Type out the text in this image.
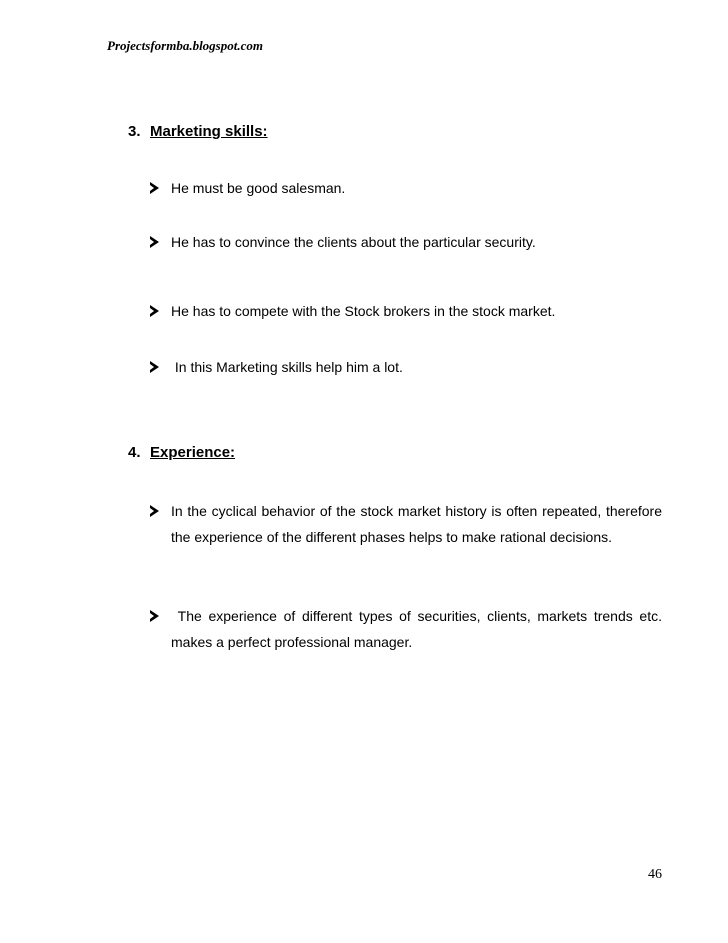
Projectsformba.blogspot.com
3. Marketing skills:
He must be good salesman.
He has to convince the clients about the particular security.
He has to compete with the Stock brokers in the stock market.
In this Marketing skills help him a lot.
4. Experience:
In the cyclical behavior of the stock market history is often repeated, therefore the experience of the different phases helps to make rational decisions.
The experience of different types of securities, clients, markets trends etc. makes a perfect professional manager.
46
